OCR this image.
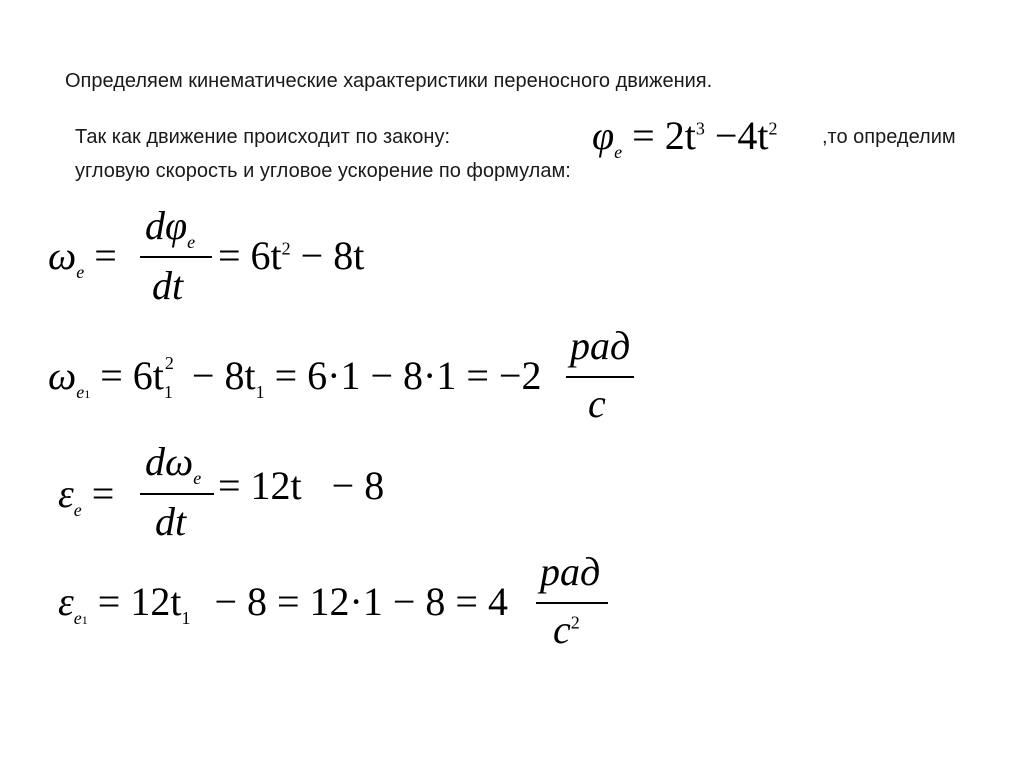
Определяем кинематические характеристики переносного движения.
Так как движение происходит по закону:	,то определим
угловую скорость и угловое ускорение по формулам:
$\varphi_e = 2t^3 -4t^2$
$\omega_e$ =
$d\varphi_e$
dt
= $6t^2 - 8t$
$\omega_{e1} = 6t_1^2 - 8t_1 = 6\cdot 1 - 8\cdot 1 = -2$
рад
с
$\varepsilon_e$ =
$d\omega_e$
dt
= 12t   − 8
$\varepsilon_{e1} = 12t_1 - 8 = 12\cdot 1 - 8 = 4$
рад
$с^2$
